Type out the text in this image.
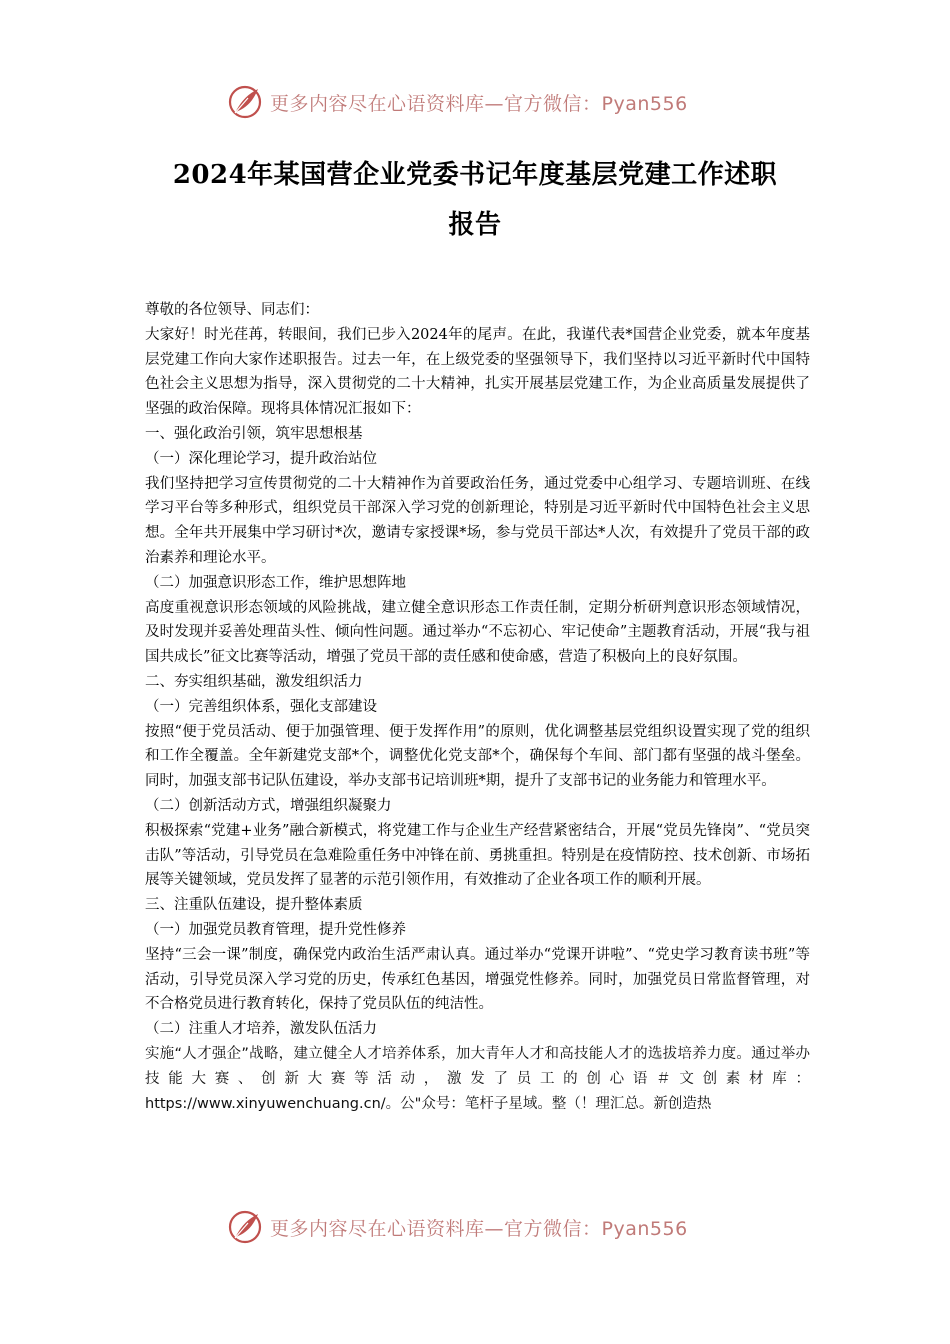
更多内容尽在心语资料库—官方微信：Pyan556
2024年某国营企业党委书记年度基层党建工作述职
报告

尊敬的各位领导、同志们：

大家好！时光荏苒，转眼间，我们已步入2024年的尾声。在此，我谨代表*国营企业党委，就本年度基层党建工作向大家作述职报告。过去一年，在上级党委的坚强领导下，我们坚持以习近平新时代中国特色社会主义思想为指导，深入贯彻党的二十大精神，扎实开展基层党建工作，为企业高质量发展提供了坚强的政治保障。现将具体情况汇报如下：

一、强化政治引领，筑牢思想根基

（一）深化理论学习，提升政治站位

我们坚持把学习宣传贯彻党的二十大精神作为首要政治任务，通过党委中心组学习、专题培训班、在线学习平台等多种形式，组织党员干部深入学习党的创新理论，特别是习近平新时代中国特色社会主义思想。全年共开展集中学习研讨*次，邀请专家授课*场，参与党员干部达*人次，有效提升了党员干部的政治素养和理论水平。

（二）加强意识形态工作，维护思想阵地

高度重视意识形态领域的风险挑战，建立健全意识形态工作责任制，定期分析研判意识形态领域情况，及时发现并妥善处理苗头性、倾向性问题。通过举办“不忘初心、牢记使命”主题教育活动，开展“我与祖国共成长”征文比赛等活动，增强了党员干部的责任感和使命感，营造了积极向上的良好氛围。

二、夯实组织基础，激发组织活力

（一）完善组织体系，强化支部建设

按照“便于党员活动、便于加强管理、便于发挥作用”的原则，优化调整基层党组织设置实现了党的组织和工作全覆盖。全年新建党支部*个，调整优化党支部*个，确保每个车间、部门都有坚强的战斗堡垒。同时，加强支部书记队伍建设，举办支部书记培训班*期，提升了支部书记的业务能力和管理水平。

（二）创新活动方式，增强组织凝聚力

积极探索“党建+业务”融合新模式，将党建工作与企业生产经营紧密结合，开展“党员先锋岗”、“党员突击队”等活动，引导党员在急难险重任务中冲锋在前、勇挑重担。特别是在疫情防控、技术创新、市场拓展等关键领域，党员发挥了显著的示范引领作用，有效推动了企业各项工作的顺利开展。

三、注重队伍建设，提升整体素质

（一）加强党员教育管理，提升党性修养

坚持“三会一课”制度，确保党内政治生活严肃认真。通过举办“党课开讲啦”、“党史学习教育读书班”等活动，引导党员深入学习党的历史，传承红色基因，增强党性修养。同时，加强党员日常监督管理，对不合格党员进行教育转化，保持了党员队伍的纯洁性。

（二）注重人才培养，激发队伍活力

实施“人才强企”战略，建立健全人才培养体系，加大青年人才和高技能人才的选拔培养力度。通过举办技能大赛、创新大赛等活动，激发了员工的创心语＃文创素材库：https://www.xinyuwenchuang.cn/。公"众号：笔杆子星域。整（！理汇总。新创造热

更多内容尽在心语资料库—官方微信：Pyan556
